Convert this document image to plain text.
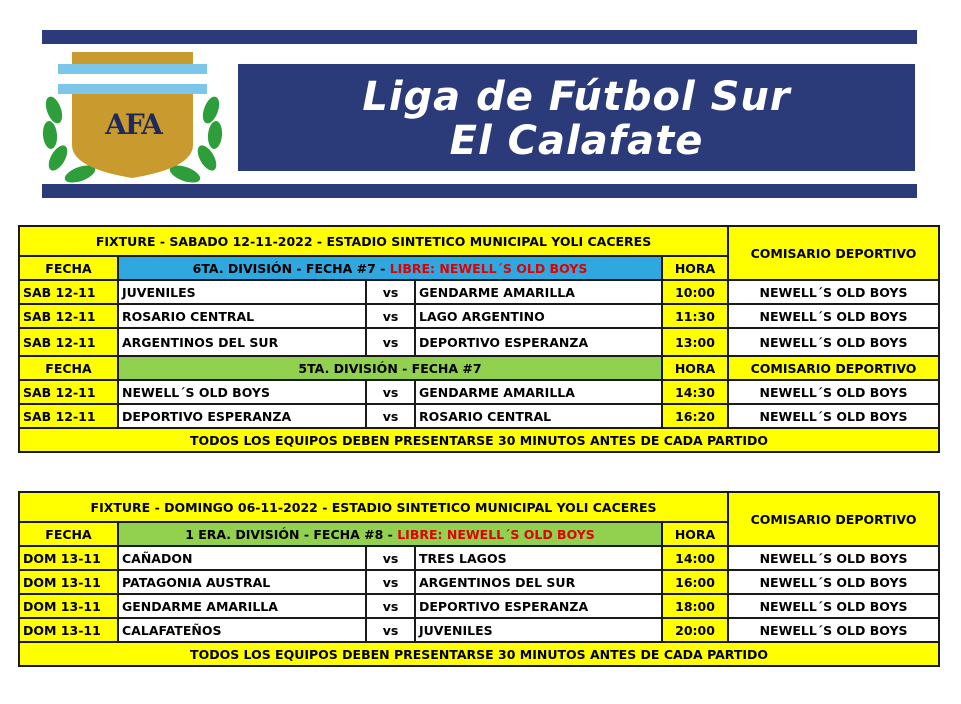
AFA
Liga de Fútbol Sur
El Calafate
FIXTURE - SABADO 12-11-2022 - ESTADIO SINTETICO MUNICIPAL YOLI CACERES					COMISARIO DEPORTIVO
FECHA	6TA. DIVISIÓN - FECHA #7 - LIBRE: NEWELL´S OLD BOYS			HORA	
SAB 12-11	JUVENILES	vs	GENDARME AMARILLA	10:00	NEWELL´S OLD BOYS
SAB 12-11	ROSARIO CENTRAL	vs	LAGO ARGENTINO	11:30	NEWELL´S OLD BOYS
SAB 12-11	ARGENTINOS DEL SUR	vs	DEPORTIVO ESPERANZA	13:00	NEWELL´S OLD BOYS
FECHA	5TA. DIVISIÓN - FECHA #7			HORA	COMISARIO DEPORTIVO
SAB 12-11	NEWELL´S OLD BOYS	vs	GENDARME AMARILLA	14:30	NEWELL´S OLD BOYS
SAB 12-11	DEPORTIVO ESPERANZA	vs	ROSARIO CENTRAL	16:20	NEWELL´S OLD BOYS
TODOS LOS EQUIPOS DEBEN PRESENTARSE 30 MINUTOS ANTES DE CADA PARTIDO					
FIXTURE - DOMINGO 06-11-2022 - ESTADIO SINTETICO MUNICIPAL YOLI CACERES					COMISARIO DEPORTIVO
FECHA	1 ERA. DIVISIÓN - FECHA #8 - LIBRE: NEWELL´S OLD BOYS			HORA	
DOM 13-11	CAÑADON	vs	TRES LAGOS	14:00	NEWELL´S OLD BOYS
DOM 13-11	PATAGONIA AUSTRAL	vs	ARGENTINOS DEL SUR	16:00	NEWELL´S OLD BOYS
DOM 13-11	GENDARME AMARILLA	vs	DEPORTIVO ESPERANZA	18:00	NEWELL´S OLD BOYS
DOM 13-11	CALAFATEÑOS	vs	JUVENILES	20:00	NEWELL´S OLD BOYS
TODOS LOS EQUIPOS DEBEN PRESENTARSE 30 MINUTOS ANTES DE CADA PARTIDO					
